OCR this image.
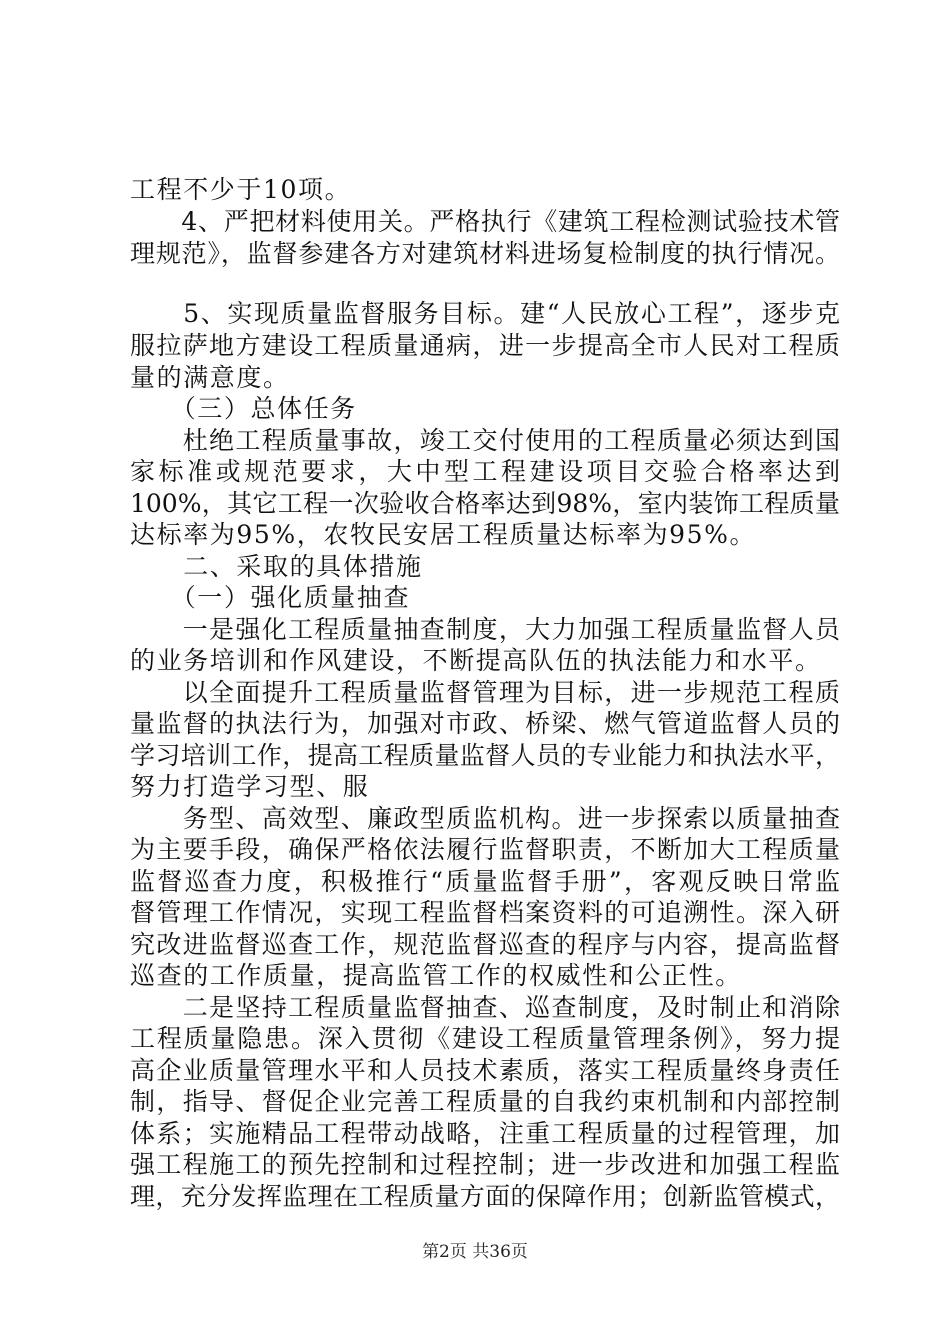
工程不少于10项。
　　4、严把材料使用关。严格执行《建筑工程检测试验技术管
理规范》，监督参建各方对建筑材料进场复检制度的执行情况。
　　5、实现质量监督服务目标。建“人民放心工程”，逐步克
服拉萨地方建设工程质量通病，进一步提高全市人民对工程质
量的满意度。
　　（三）总体任务
　　杜绝工程质量事故，竣工交付使用的工程质量必须达到国
家标准或规范要求，大中型工程建设项目交验合格率达到
100%，其它工程一次验收合格率达到98%，室内装饰工程质量
达标率为95%，农牧民安居工程质量达标率为95%。
　　二、采取的具体措施
　　（一）强化质量抽查
　　一是强化工程质量抽查制度，大力加强工程质量监督人员
的业务培训和作风建设，不断提高队伍的执法能力和水平。
　　以全面提升工程质量监督管理为目标，进一步规范工程质
量监督的执法行为，加强对市政、桥梁、燃气管道监督人员的
学习培训工作，提高工程质量监督人员的专业能力和执法水平，
努力打造学习型、服
　　务型、高效型、廉政型质监机构。进一步探索以质量抽查
为主要手段，确保严格依法履行监督职责，不断加大工程质量
监督巡查力度，积极推行“质量监督手册”，客观反映日常监
督管理工作情况，实现工程监督档案资料的可追溯性。深入研
究改进监督巡查工作，规范监督巡查的程序与内容，提高监督
巡查的工作质量，提高监管工作的权威性和公正性。
　　二是坚持工程质量监督抽查、巡查制度，及时制止和消除
工程质量隐患。深入贯彻《建设工程质量管理条例》，努力提
高企业质量管理水平和人员技术素质，落实工程质量终身责任
制，指导、督促企业完善工程质量的自我约束机制和内部控制
体系；实施精品工程带动战略，注重工程质量的过程管理，加
强工程施工的预先控制和过程控制；进一步改进和加强工程监
理，充分发挥监理在工程质量方面的保障作用；创新监管模式，
第2页 共36页
